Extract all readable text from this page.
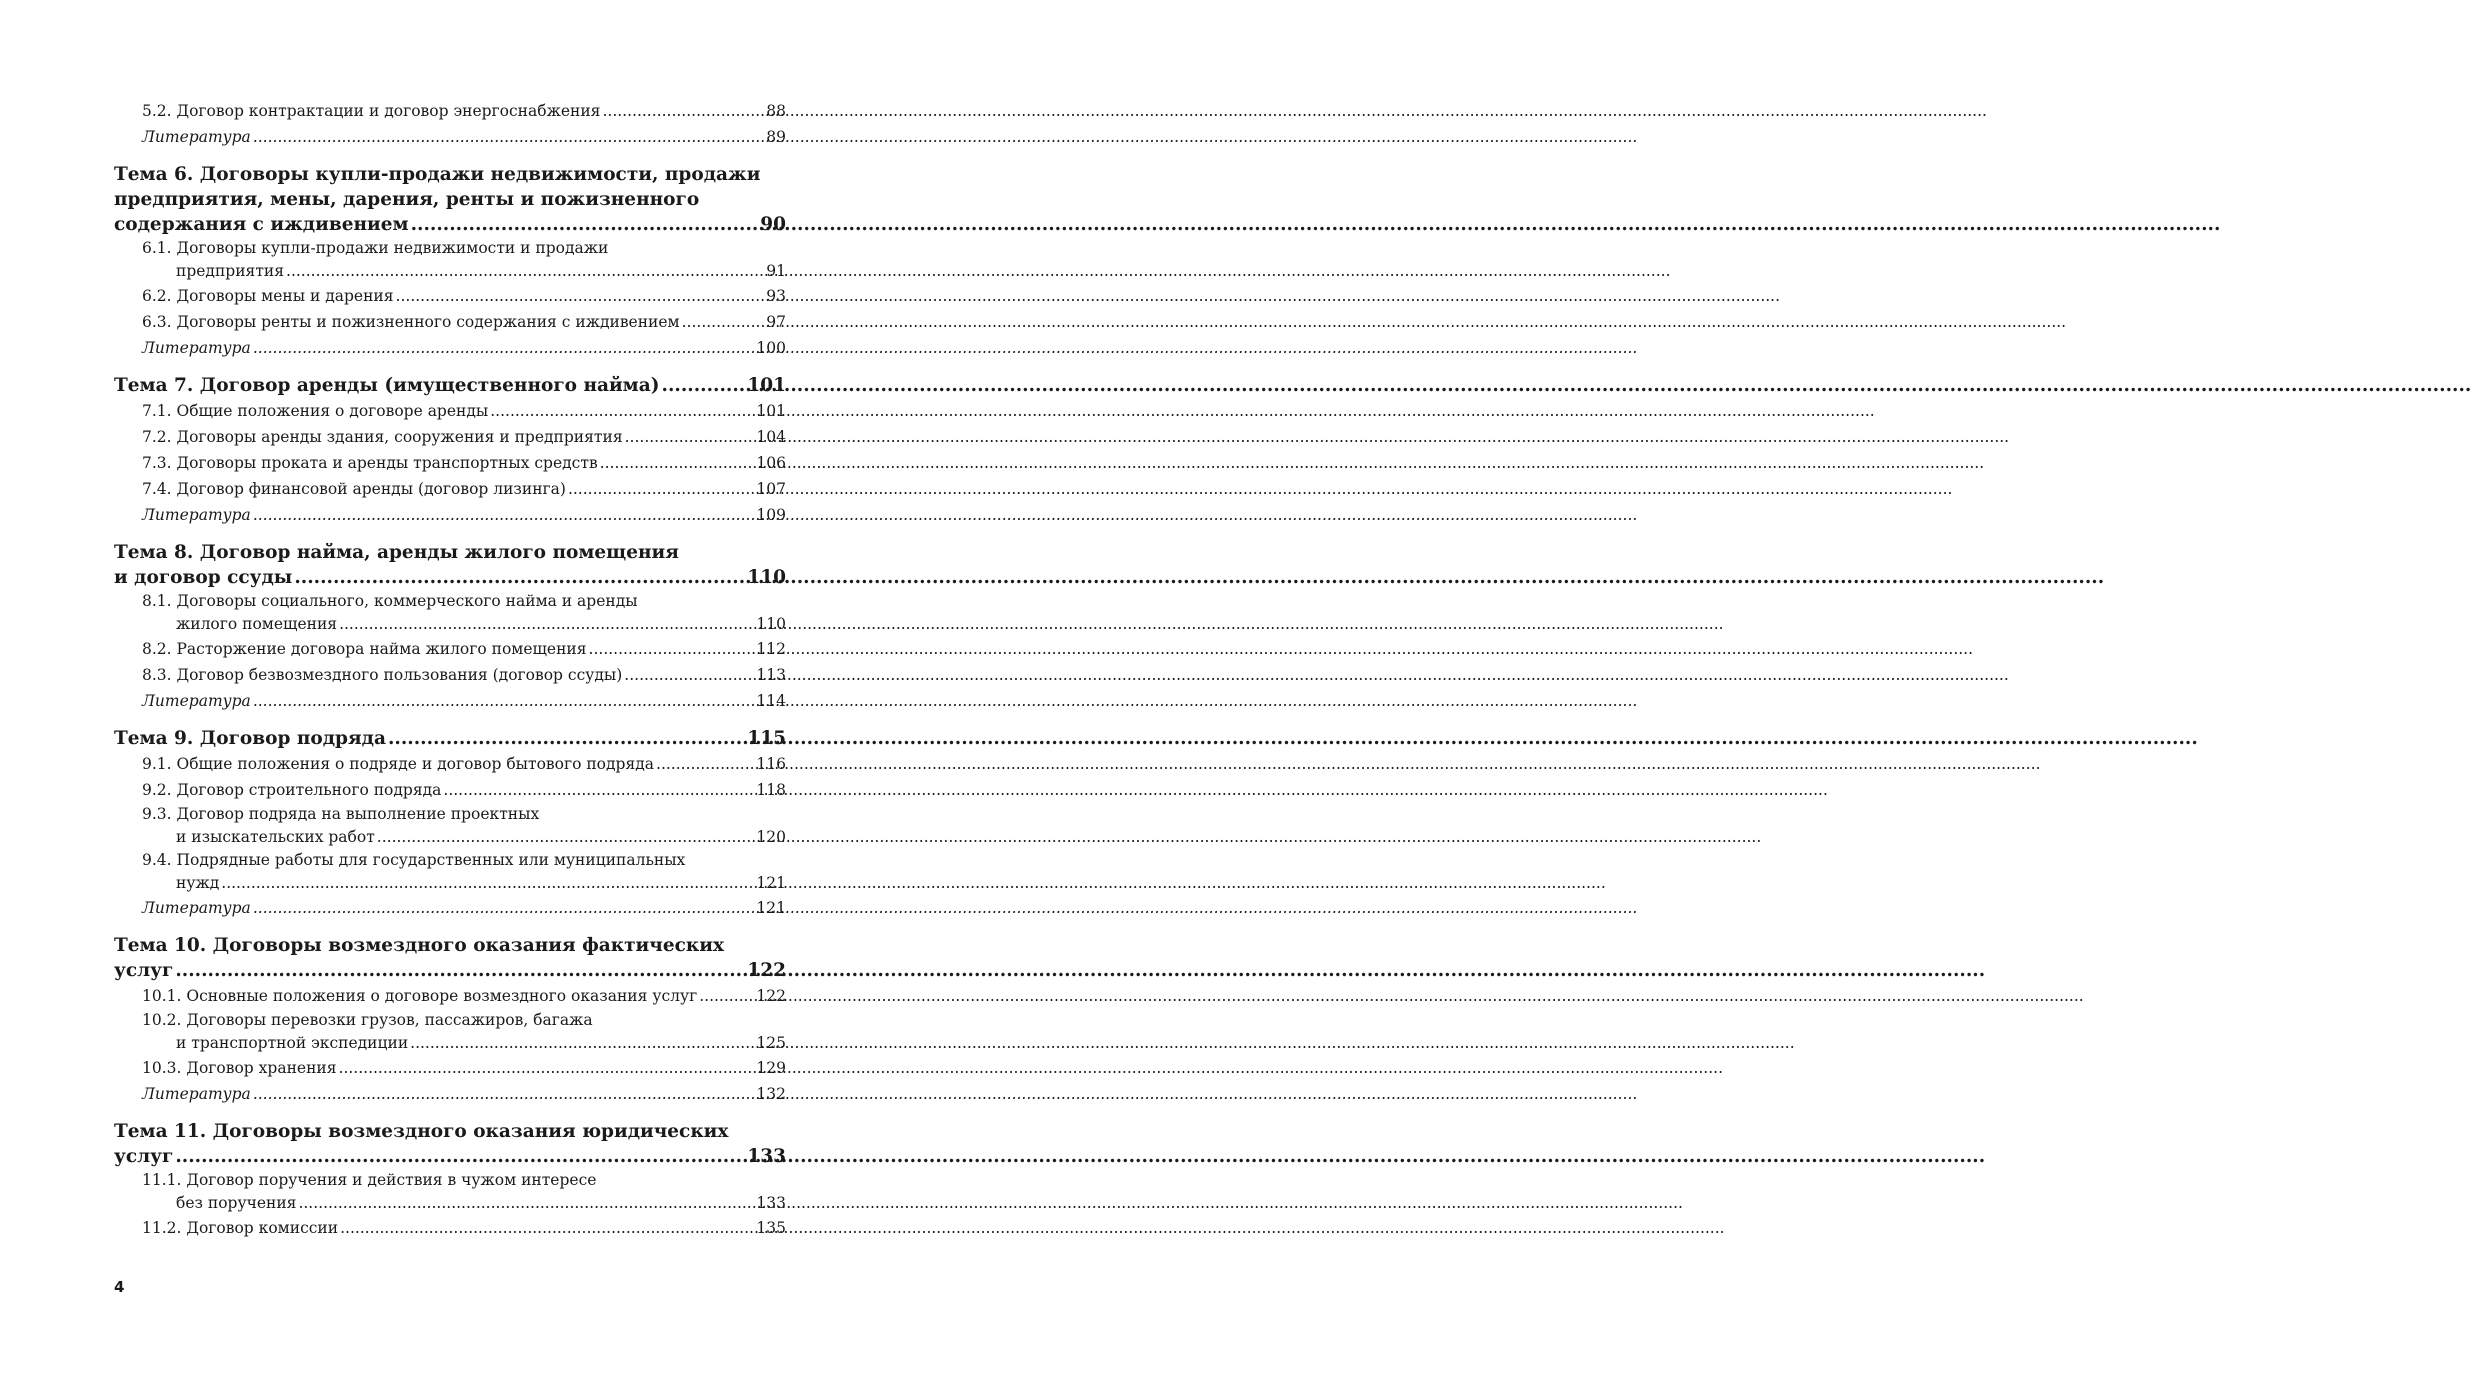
5.2. Договор контрактации и договор энергоснабжения .....	88
Литература .....	89
Тема 6. Договоры купли-продажи недвижимости, продажи
предприятия, мены, дарения, ренты и пожизненного
содержания с иждивением .....	90
6.1. Договоры купли-продажи недвижимости и продажи
предприятия .....	91
6.2. Договоры мены и дарения .....	93
6.3. Договоры ренты и пожизненного содержания с иждивением .....	97
Литература .....	100
Тема 7. Договор аренды (имущественного найма) .....	101
7.1. Общие положения о договоре аренды .....	101
7.2. Договоры аренды здания, сооружения и предприятия .....	104
7.3. Договоры проката и аренды транспортных средств .....	106
7.4. Договор финансовой аренды (договор лизинга) .....	107
Литература .....	109
Тема 8. Договор найма, аренды жилого помещения
и договор ссуды .....	110
8.1. Договоры социального, коммерческого найма и аренды
жилого помещения .....	110
8.2. Расторжение договора найма жилого помещения .....	112
8.3. Договор безвозмездного пользования (договор ссуды) .....	113
Литература .....	114
Тема 9. Договор подряда .....	115
9.1. Общие положения о подряде и договор бытового подряда .....	116
9.2. Договор строительного подряда .....	118
9.3. Договор подряда на выполнение проектных
и изыскательских работ .....	120
9.4. Подрядные работы для государственных или муниципальных
нужд .....	121
Литература .....	121
Тема 10. Договоры возмездного оказания фактических
услуг .....	122
10.1. Основные положения о договоре возмездного оказания услуг .....	122
10.2. Договоры перевозки грузов, пассажиров, багажа
и транспортной экспедиции .....	125
10.3. Договор хранения .....	129
Литература .....	132
Тема 11. Договоры возмездного оказания юридических
услуг .....	133
11.1. Договор поручения и действия в чужом интересе
без поручения .....	133
11.2. Договор комиссии .....	135
4
